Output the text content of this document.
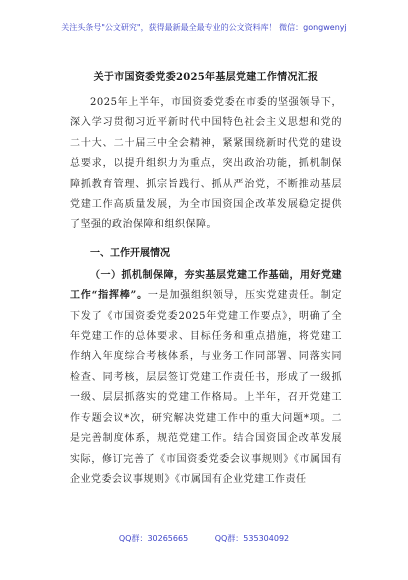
关注头条号"公文研究"，获得最新最全最专业的公文资料库！ 微信：gongwenyj
关于市国资委党委2025年基层党建工作情况汇报

2025年上半年，市国资委党委在市委的坚强领导下，深入学习贯彻习近平新时代中国特色社会主义思想和党的二十大、二十届三中全会精神，紧紧围绕新时代党的建设总要求，以提升组织力为重点，突出政治功能，抓机制保障抓教育管理、抓宗旨践行、抓从严治党，不断推动基层党建工作高质量发展，为全市国资国企改革发展稳定提供了坚强的政治保障和组织保障。

一、工作开展情况

（一）抓机制保障，夯实基层党建工作基础，用好党建工作“指挥棒”。一是加强组织领导，压实党建责任。制定下发了《市国资委党委2025年党建工作要点》，明确了全年党建工作的总体要求、目标任务和重点措施，将党建工作纳入年度综合考核体系，与业务工作同部署、同落实同检查、同考核，层层签订党建工作责任书，形成了一级抓一级、层层抓落实的党建工作格局。上半年，召开党建工作专题会议*次，研究解决党建工作中的重大问题*项。二是完善制度体系，规范党建工作。结合国资国企改革发展实际，修订完善了《市国资委党委会议事规则》《市属国有企业党委会议事规则》《市属国有企业党建工作责任

QQ群：30265665	QQ群：535304092
